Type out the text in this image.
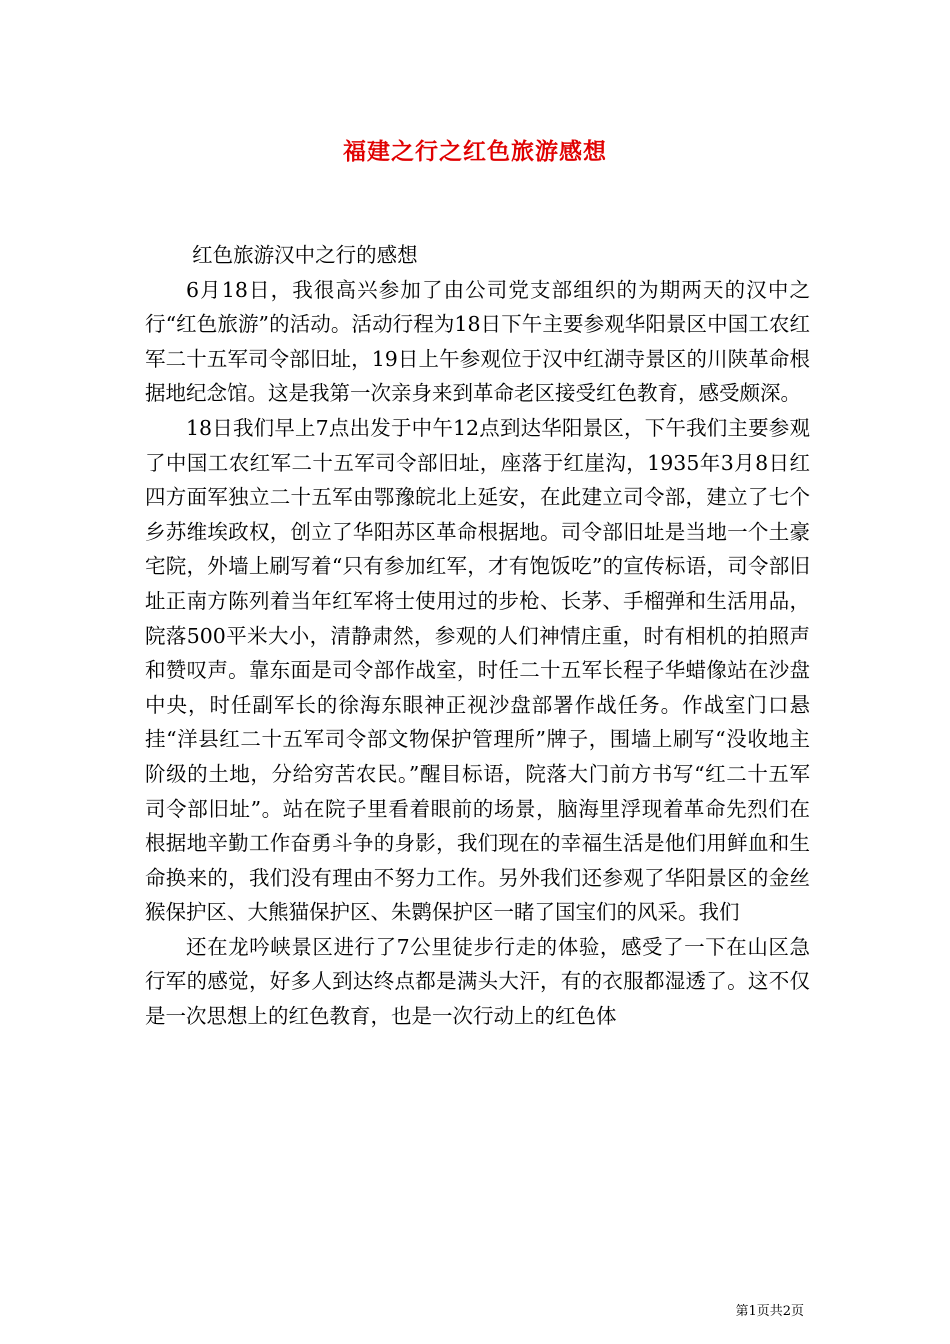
福建之行之红色旅游感想

红色旅游汉中之行的感想

6月18日，我很高兴参加了由公司党支部组织的为期两天的汉中之行“红色旅游”的活动。活动行程为18日下午主要参观华阳景区中国工农红军二十五军司令部旧址，19日上午参观位于汉中红湖寺景区的川陕革命根据地纪念馆。这是我第一次亲身来到革命老区接受红色教育，感受颇深。

18日我们早上7点出发于中午12点到达华阳景区，下午我们主要参观了中国工农红军二十五军司令部旧址，座落于红崖沟，1935年3月8日红四方面军独立二十五军由鄂豫皖北上延安，在此建立司令部，建立了七个乡苏维埃政权，创立了华阳苏区革命根据地。司令部旧址是当地一个土豪宅院，外墙上刷写着“只有参加红军，才有饱饭吃”的宣传标语，司令部旧址正南方陈列着当年红军将士使用过的步枪、长茅、手榴弹和生活用品，院落500平米大小，清静肃然，参观的人们神情庄重，时有相机的拍照声和赞叹声。靠东面是司令部作战室，时任二十五军长程子华蜡像站在沙盘中央，时任副军长的徐海东眼神正视沙盘部署作战任务。作战室门口悬挂“洋县红二十五军司令部文物保护管理所”牌子，围墙上刷写“没收地主阶级的土地，分给穷苦农民。”醒目标语，院落大门前方书写“红二十五军司令部旧址”。站在院子里看着眼前的场景，脑海里浮现着革命先烈们在根据地辛勤工作奋勇斗争的身影，我们现在的幸福生活是他们用鲜血和生命换来的，我们没有理由不努力工作。另外我们还参观了华阳景区的金丝猴保护区、大熊猫保护区、朱鹮保护区一睹了国宝们的风采。我们

还在龙吟峡景区进行了7公里徒步行走的体验，感受了一下在山区急行军的感觉，好多人到达终点都是满头大汗，有的衣服都湿透了。这不仅是一次思想上的红色教育，也是一次行动上的红色体

第1页共2页
